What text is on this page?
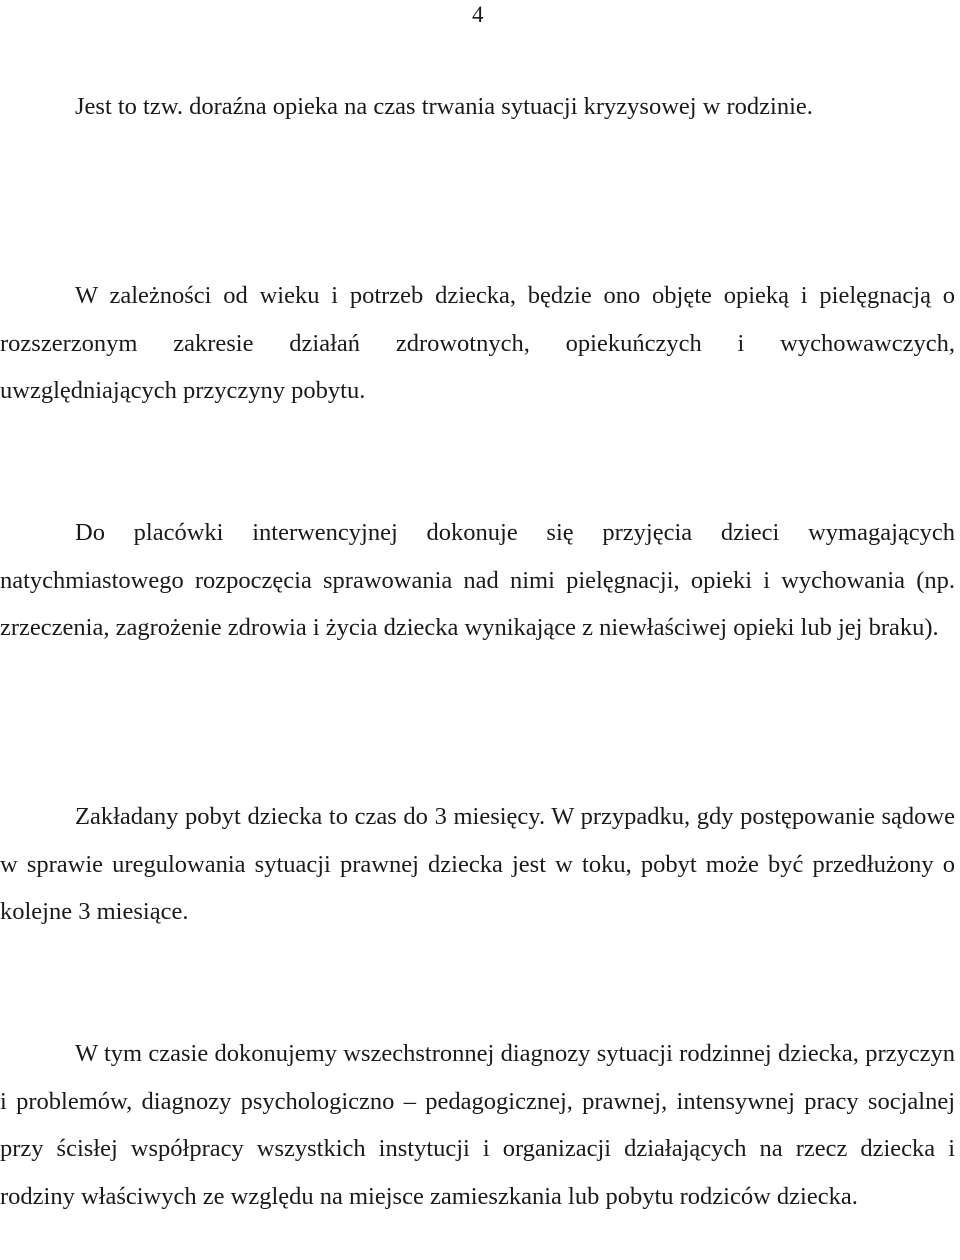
4

Jest to tzw. doraźna opieka na czas trwania sytuacji kryzysowej w rodzinie.

W zależności od wieku i potrzeb dziecka, będzie ono objęte opieką i pielęgnacją o rozszerzonym zakresie działań zdrowotnych, opiekuńczych i wychowawczych, uwzględniających przyczyny pobytu.

Do placówki interwencyjnej dokonuje się przyjęcia dzieci wymagających natychmiastowego rozpoczęcia sprawowania nad nimi pielęgnacji, opieki i wychowania (np. zrzeczenia, zagrożenie zdrowia i życia dziecka wynikające z niewłaściwej opieki lub jej braku).

Zakładany pobyt dziecka to czas do 3 miesięcy. W przypadku, gdy postępowanie sądowe w sprawie uregulowania sytuacji prawnej dziecka jest w toku, pobyt może być przedłużony o kolejne 3 miesiące.

W tym czasie dokonujemy wszechstronnej diagnozy sytuacji rodzinnej dziecka, przyczyn i problemów, diagnozy psychologiczno – pedagogicznej, prawnej, intensywnej pracy socjalnej przy ścisłej współpracy wszystkich instytucji i organizacji działających na rzecz dziecka i rodziny właściwych ze względu na miejsce zamieszkania lub pobytu rodziców dziecka.
